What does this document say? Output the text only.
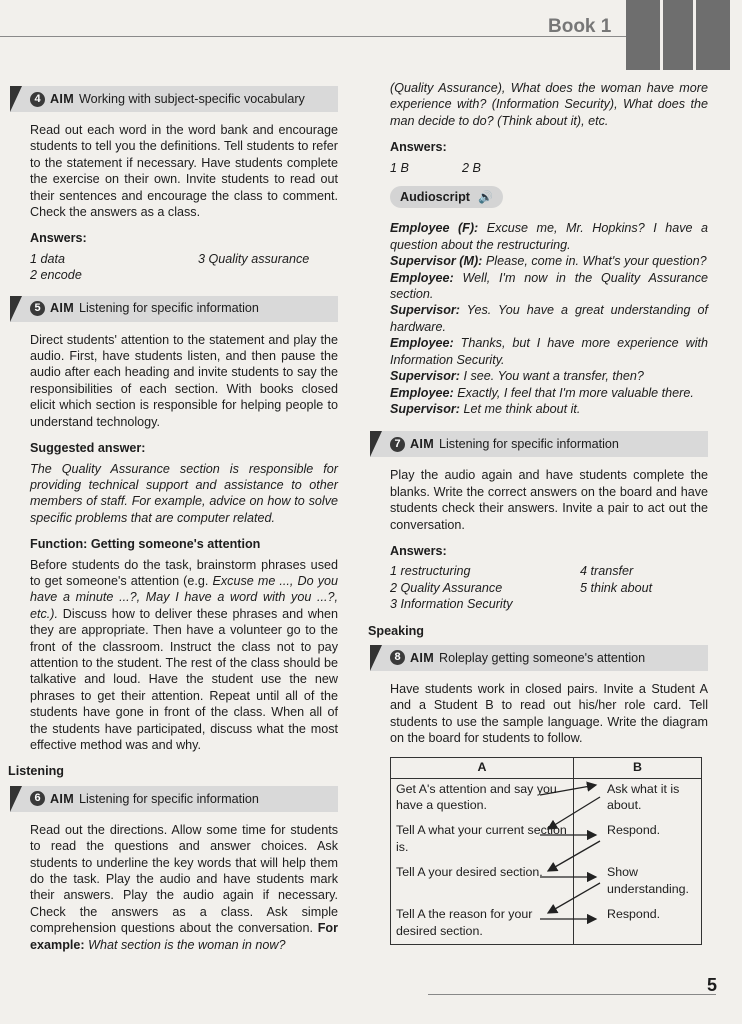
Book 1
4 AIM Working with subject-specific vocabulary

Read out each word in the word bank and encourage students to tell you the definitions. Tell students to refer to the statement if necessary. Have students complete the exercise on their own. Invite students to read out their sentences and encourage the class to comment. Check the answers as a class.

Answers:
1 data	3 Quality assurance
2 encode
5 AIM Listening for specific information

Direct students' attention to the statement and play the audio. First, have students listen, and then pause the audio after each heading and invite students to say the responsibilities of each section. With books closed elicit which section is responsible for helping people to understand technology.

Suggested answer:

The Quality Assurance section is responsible for providing technical support and assistance to other members of staff. For example, advice on how to solve specific problems that are computer related.

Function: Getting someone's attention

Before students do the task, brainstorm phrases used to get someone's attention (e.g. Excuse me ..., Do you have a minute ...?, May I have a word with you ...?, etc.). Discuss how to deliver these phrases and when they are appropriate. Then have a volunteer go to the front of the classroom. Instruct the class not to pay attention to the student. The rest of the class should be talkative and loud. Have the student use the new phrases to get their attention. Repeat until all of the students have gone in front of the class. When all of the students have participated, discuss what the most effective method was and why.

Listening
6 AIM Listening for specific information

Read out the directions. Allow some time for students to read the questions and answer choices. Ask students to underline the key words that will help them do the task. Play the audio and have students mark their answers. Play the audio again if necessary. Check the answers as a class. Ask simple comprehension questions about the conversation. For example: What section is the woman in now?

(Quality Assurance), What does the woman have more experience with? (Information Security), What does the man decide to do? (Think about it), etc.

Answers:
1 B	2 B
Audioscript 🔊

Employee (F): Excuse me, Mr. Hopkins? I have a question about the restructuring.

Supervisor (M): Please, come in. What's your question?

Employee: Well, I'm now in the Quality Assurance section.

Supervisor: Yes. You have a great understanding of hardware.

Employee: Thanks, but I have more experience with Information Security.

Supervisor: I see. You want a transfer, then?

Employee: Exactly, I feel that I'm more valuable there.

Supervisor: Let me think about it.

7 AIM Listening for specific information

Play the audio again and have students complete the blanks. Write the correct answers on the board and have students check their answers. Invite a pair to act out the conversation.

Answers:
1 restructuring	4 transfer
2 Quality Assurance	5 think about
3 Information Security
Speaking
8 AIM Roleplay getting someone's attention

Have students work in closed pairs. Invite a Student A and a Student B to read out his/her role card. Tell students to use the sample language. Write the diagram on the board for students to follow.

A	B
Get A's attention and say you have a question.	Ask what it is about.

Tell A what your current section is.	Respond.

Tell A your desired section.	Show understanding.

Tell A the reason for your desired section.	Respond.
5
